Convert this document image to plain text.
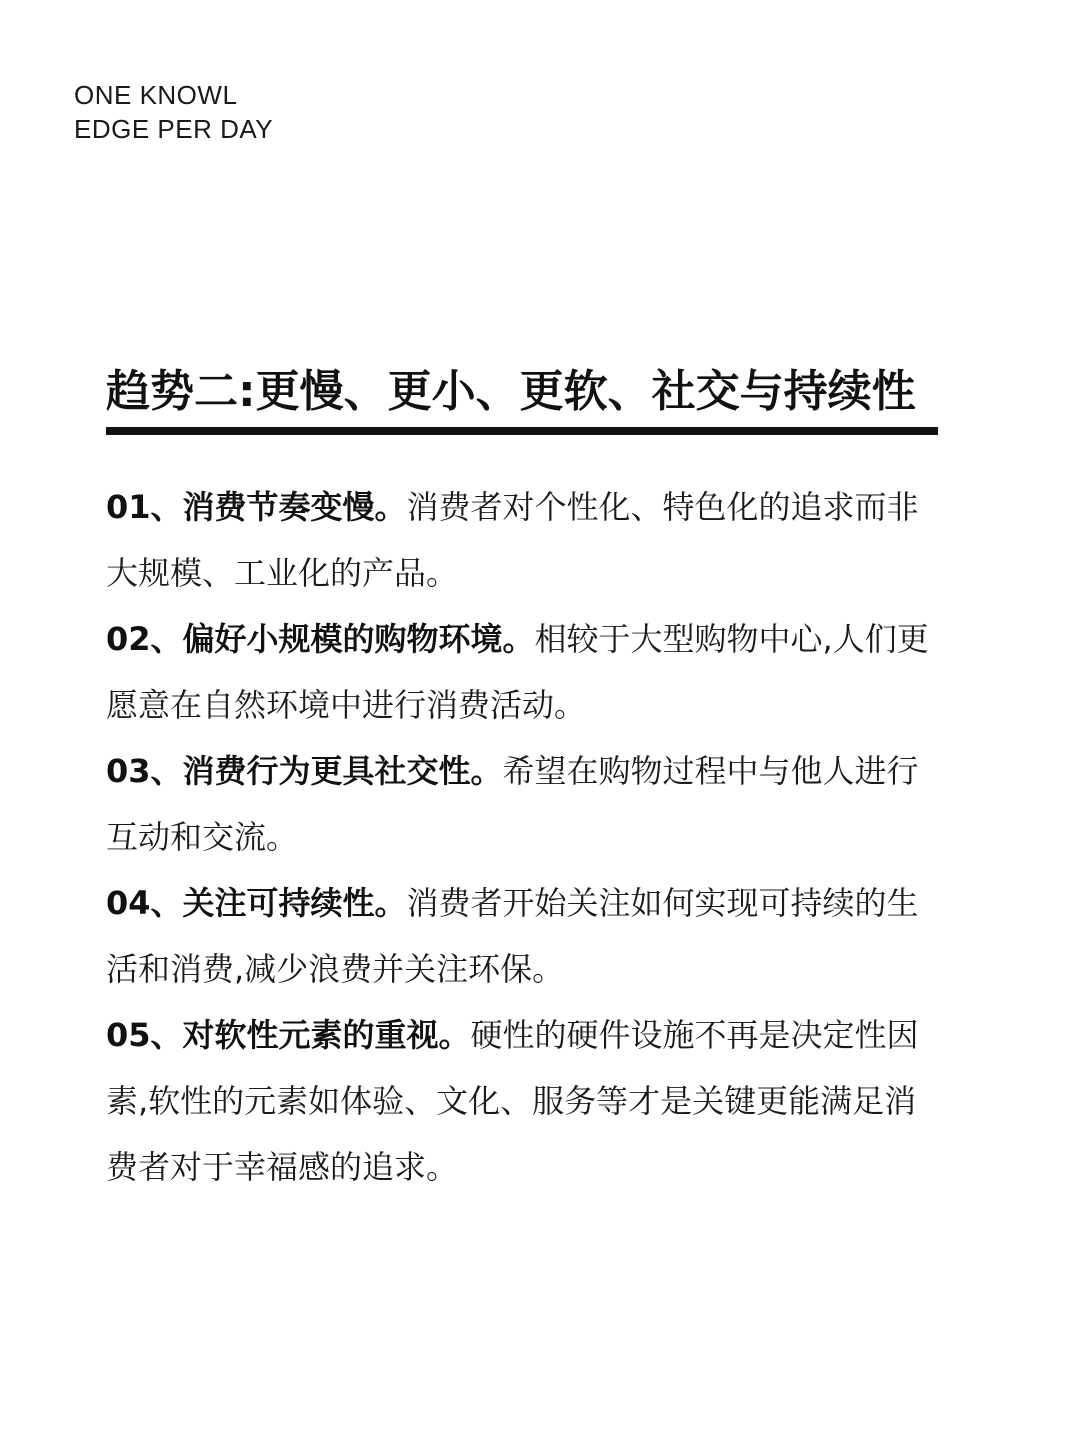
ONE KNOWL
EDGE PER DAY
趋势二:更慢、更小、更软、社交与持续性

01、消费节奏变慢。消费者对个性化、特色化的追求而非大规模、工业化的产品。

02、偏好小规模的购物环境。相较于大型购物中心,人们更愿意在自然环境中进行消费活动。

03、消费行为更具社交性。希望在购物过程中与他人进行互动和交流。

04、关注可持续性。消费者开始关注如何实现可持续的生活和消费,减少浪费并关注环保。

05、对软性元素的重视。硬性的硬件设施不再是决定性因素,软性的元素如体验、文化、服务等才是关键更能满足消费者对于幸福感的追求。
